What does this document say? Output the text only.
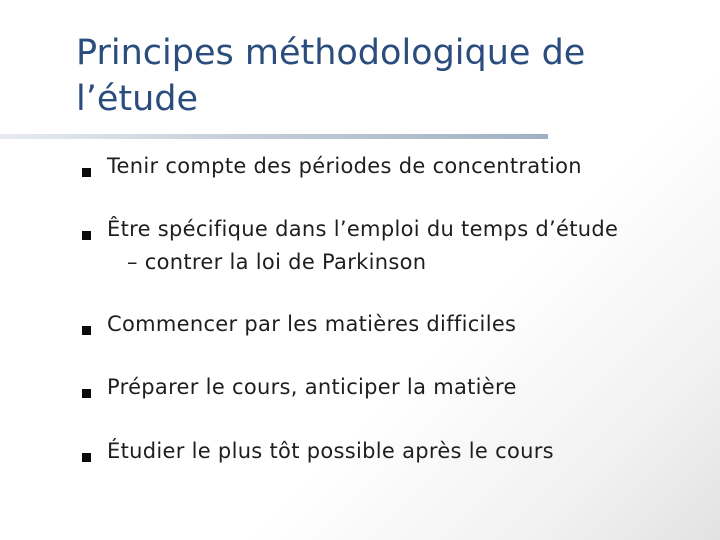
Principes méthodologique de l’étude
Tenir compte des périodes de concentration
Être spécifique dans l’emploi du temps d’étude
– contrer la loi de Parkinson
Commencer par les matières difficiles
Préparer le cours, anticiper la matière
Étudier le plus tôt possible après le cours
